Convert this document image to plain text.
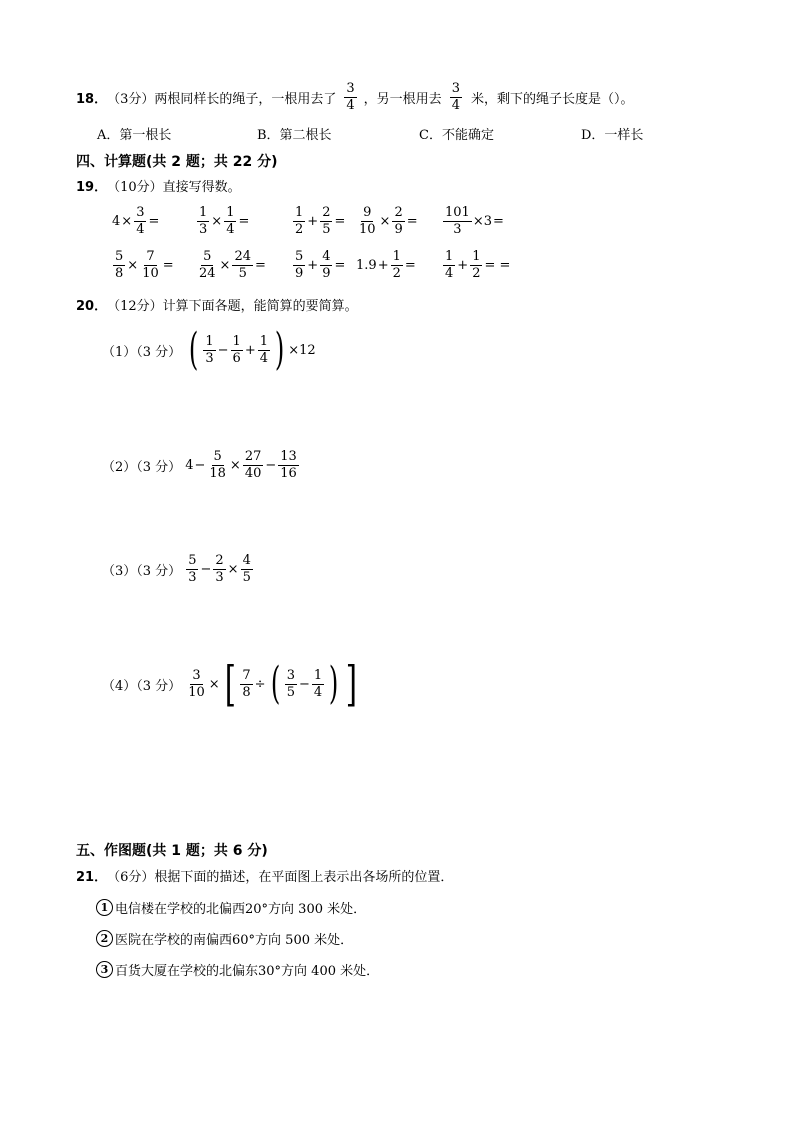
18． （3分） 两根同样长的绳子，一根用去了 $\frac{3}{4}$ ，另一根用去 $\frac{3}{4}$ 米，剩下的绳子长度是（）。
A．第一根长	B．第二根长	C．不能确定	D．一样长
四、计算题(共 2 题；共 22 分)
19． （10分） 直接写得数。
$4 \times \frac{3}{4}$ =	$\frac{1}{3} \times \frac{1}{4}$ =	$\frac{1}{2} + \frac{2}{5} = \frac{9}{10} \times \frac{2}{9} = \frac{101}{3} \times 3$ =
$\frac{5}{8} \times \frac{7}{10} = \frac{5}{24} \times \frac{24}{5} = \frac{5}{9} + \frac{4}{9} = 1.9 + \frac{1}{2} = \frac{1}{4} + \frac{1}{2}$ = =
20． （12分） 计算下面各题，能简算的要简算。
（1）（3 分） ( $\frac{1}{3} - \frac{1}{6} + \frac{1}{4}$ ) ×12
（2）（3 分） $4 - \frac{5}{18} \times \frac{27}{40} - \frac{13}{16}$
（3）（3 分） $\frac{5}{3} - \frac{2}{3} \times \frac{4}{5}$
（4）（3 分） $\frac{3}{10}$ × [ $\frac{7}{8}$ ÷ ( $\frac{3}{5} - \frac{1}{4}$ ) ]
五、作图题(共 1 题；共 6 分)
21． （6分） 根据下面的描述，在平面图上表示出各场所的位置．
1 电信楼在学校的北偏西20°方向 300 米处．
2 医院在学校的南偏西60°方向 500 米处．
3 百货大厦在学校的北偏东30°方向 400 米处．
